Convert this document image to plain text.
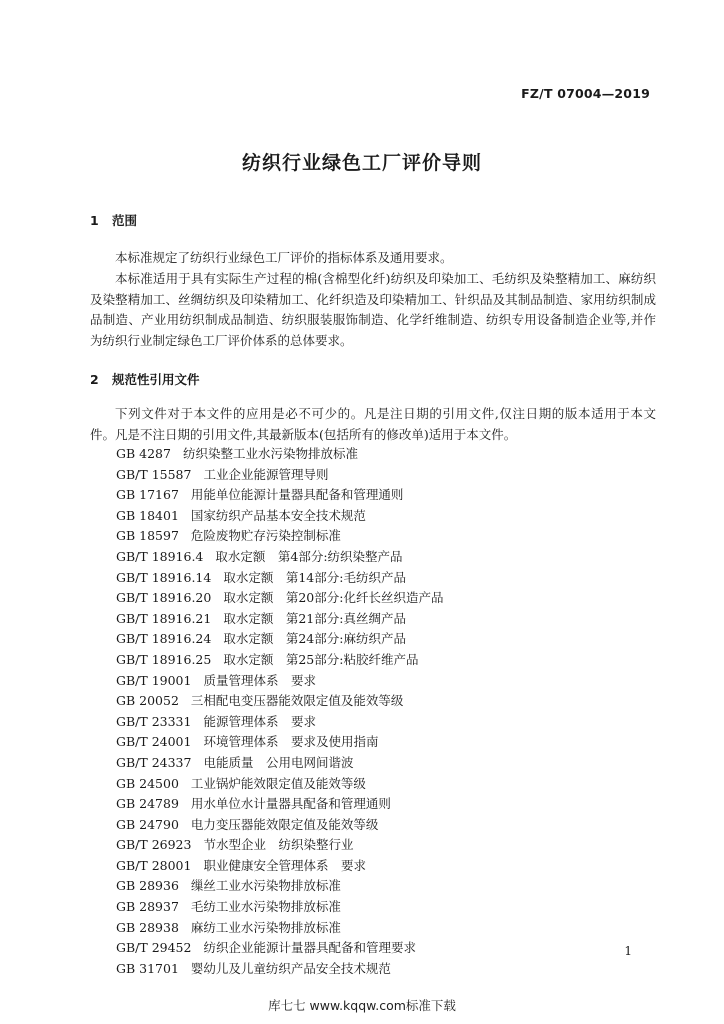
FZ/T 07004—2019
纺织行业绿色工厂评价导则
1 范围
本标准规定了纺织行业绿色工厂评价的指标体系及通用要求。
本标准适用于具有实际生产过程的棉(含棉型化纤)纺织及印染加工、毛纺织及染整精加工、麻纺织及染整精加工、丝绸纺织及印染精加工、化纤织造及印染精加工、针织品及其制品制造、家用纺织制成品制造、产业用纺织制成品制造、纺织服装服饰制造、化学纤维制造、纺织专用设备制造企业等,并作为纺织行业制定绿色工厂评价体系的总体要求。
2 规范性引用文件
下列文件对于本文件的应用是必不可少的。凡是注日期的引用文件,仅注日期的版本适用于本文件。凡是不注日期的引用文件,其最新版本(包括所有的修改单)适用于本文件。
GB 4287 纺织染整工业水污染物排放标准
GB/T 15587 工业企业能源管理导则
GB 17167 用能单位能源计量器具配备和管理通则
GB 18401 国家纺织产品基本安全技术规范
GB 18597 危险废物贮存污染控制标准
GB/T 18916.4 取水定额　第4部分:纺织染整产品
GB/T 18916.14 取水定额　第14部分:毛纺织产品
GB/T 18916.20 取水定额　第20部分:化纤长丝织造产品
GB/T 18916.21 取水定额　第21部分:真丝绸产品
GB/T 18916.24 取水定额　第24部分:麻纺织产品
GB/T 18916.25 取水定额　第25部分:粘胶纤维产品
GB/T 19001 质量管理体系　要求
GB 20052 三相配电变压器能效限定值及能效等级
GB/T 23331 能源管理体系　要求
GB/T 24001 环境管理体系　要求及使用指南
GB/T 24337 电能质量　公用电网间谐波
GB 24500 工业锅炉能效限定值及能效等级
GB 24789 用水单位水计量器具配备和管理通则
GB 24790 电力变压器能效限定值及能效等级
GB/T 26923 节水型企业　纺织染整行业
GB/T 28001 职业健康安全管理体系　要求
GB 28936 缫丝工业水污染物排放标准
GB 28937 毛纺工业水污染物排放标准
GB 28938 麻纺工业水污染物排放标准
GB/T 29452 纺织企业能源计量器具配备和管理要求
GB 31701 婴幼儿及儿童纺织产品安全技术规范
1
库七七 www.kqqw.com标准下载
